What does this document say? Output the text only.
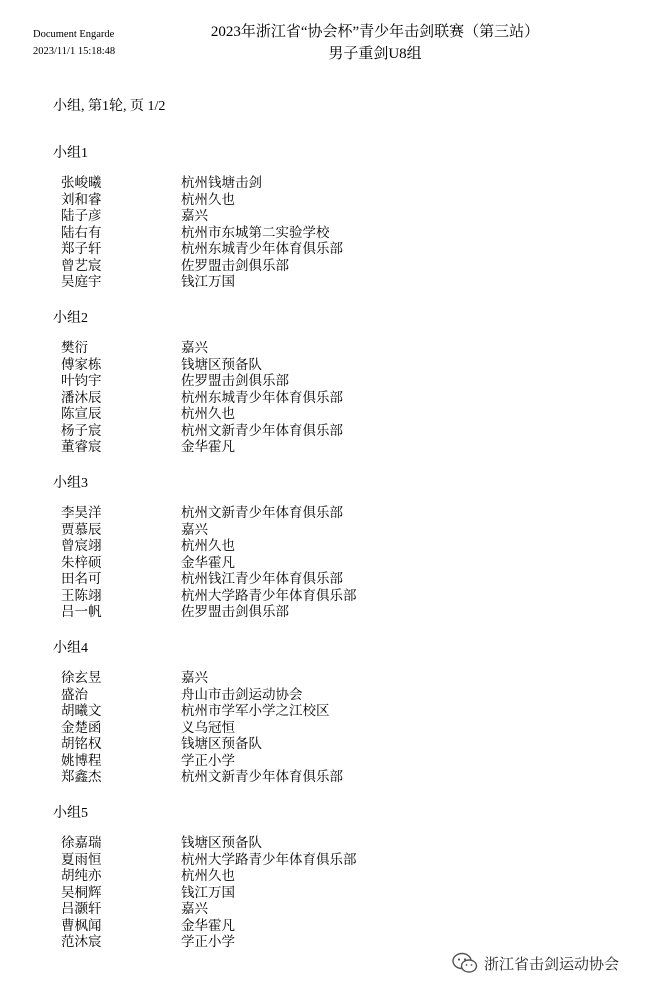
Document Engarde
2023/11/1 15:18:48
2023年浙江省“协会杯”青少年击剑联赛（第三站）
男子重剑U8组
小组, 第1轮, 页 1/2
小组1
张峻曦	杭州钱塘击剑
刘和睿	杭州久也
陆子彦	嘉兴
陆右有	杭州市东城第二实验学校
郑子轩	杭州东城青少年体育俱乐部
曾艺宸	佐罗盟击剑俱乐部
吴庭宇	钱江万国
小组2
樊衍	嘉兴
傅家栋	钱塘区预备队
叶钧宇	佐罗盟击剑俱乐部
潘沐辰	杭州东城青少年体育俱乐部
陈宣辰	杭州久也
杨子宸	杭州文新青少年体育俱乐部
董睿宸	金华霍凡
小组3
李昊洋	杭州文新青少年体育俱乐部
贾慕辰	嘉兴
曾宸翊	杭州久也
朱梓硕	金华霍凡
田名可	杭州钱江青少年体育俱乐部
王陈翊	杭州大学路青少年体育俱乐部
吕一帆	佐罗盟击剑俱乐部
小组4
徐玄昱	嘉兴
盛治	舟山市击剑运动协会
胡曦文	杭州市学军小学之江校区
金楚函	义乌冠恒
胡铭权	钱塘区预备队
姚博程	学正小学
郑鑫杰	杭州文新青少年体育俱乐部
小组5
徐嘉瑞	钱塘区预备队
夏雨恒	杭州大学路青少年体育俱乐部
胡纯亦	杭州久也
吴桐辉	钱江万国
吕灏轩	嘉兴
曹枫闻	金华霍凡
范沐宸	学正小学
浙江省击剑运动协会
